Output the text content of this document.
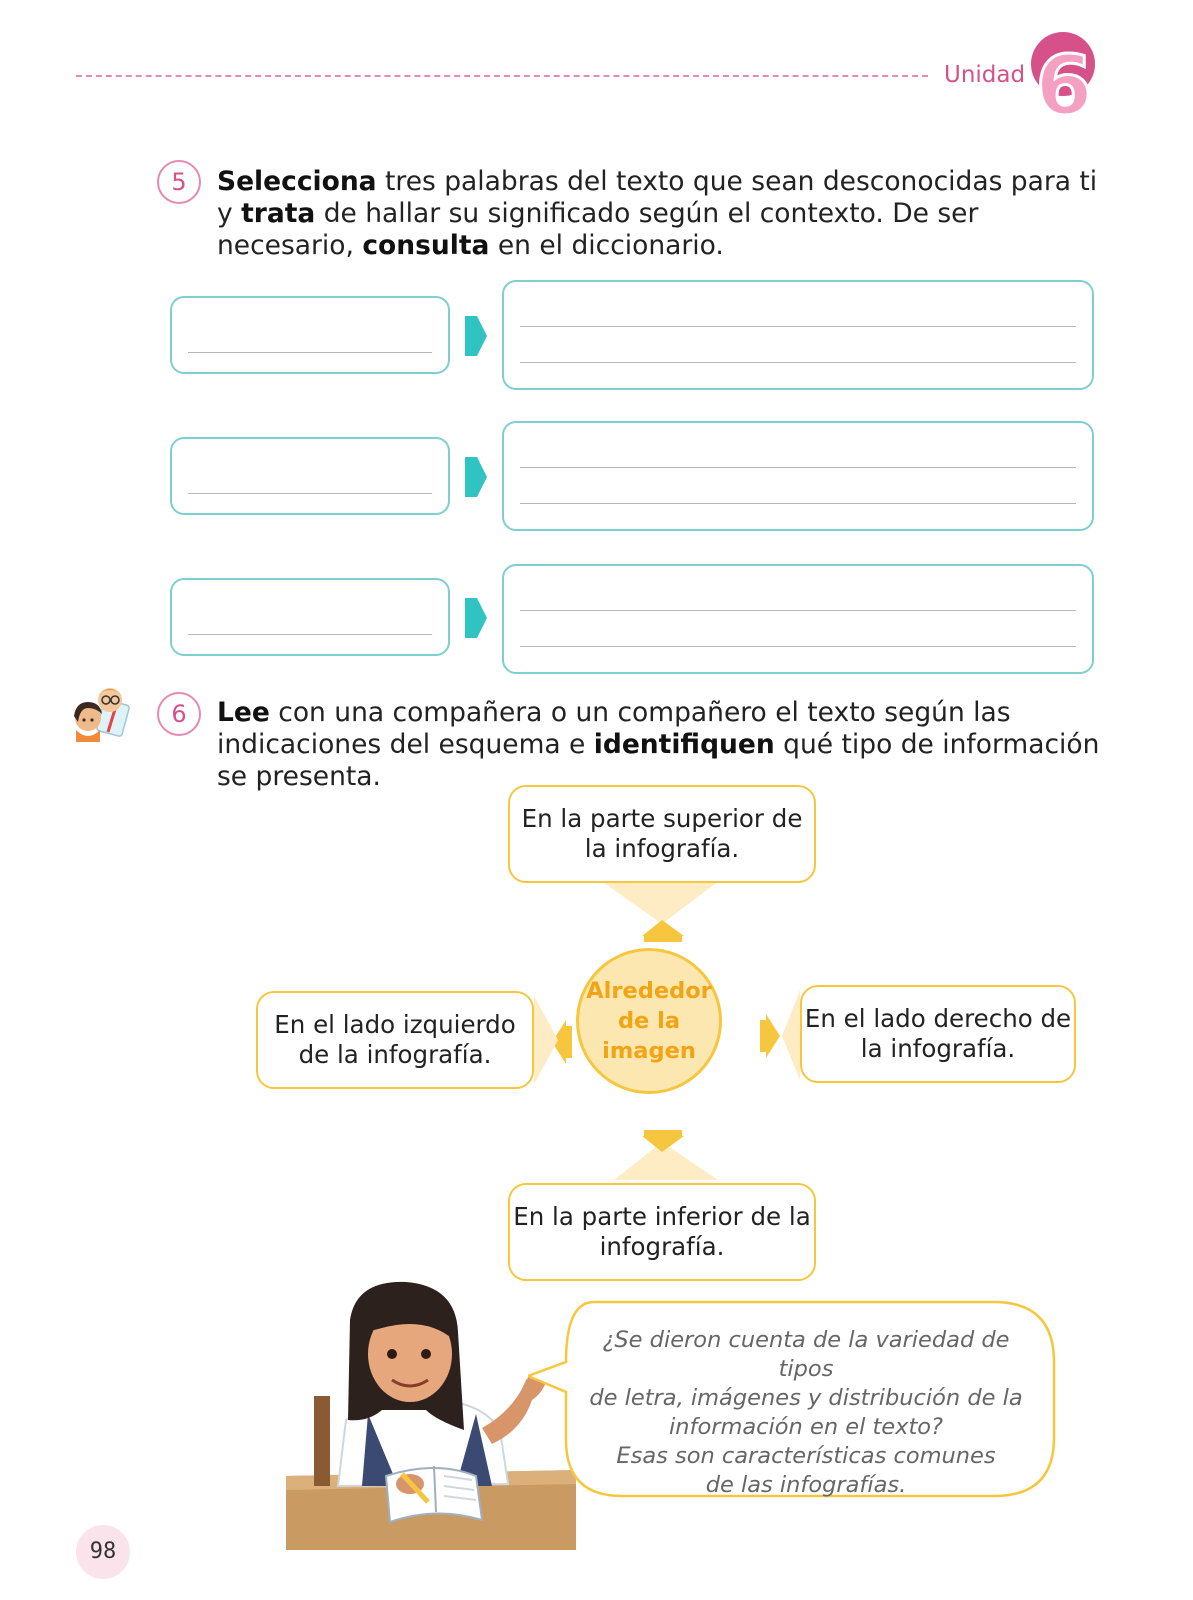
Unidad 6
5	Selecciona tres palabras del texto que sean desconocidas para ti y trata de hallar su significado según el contexto. De ser necesario, consulta en el diccionario.

6	Lee con una compañera o un compañero el texto según las indicaciones del esquema e identifiquen qué tipo de información se presenta.

En la parte superior de la infografía.
En el lado izquierdo de la infografía.
En el lado derecho de la infografía.
En la parte inferior de la infografía.
Alrededor
de la
imagen
¿Se dieron cuenta de la variedad de tipos
de letra, imágenes y distribución de la
información en el texto?
Esas son características comunes
de las infografías.
98
